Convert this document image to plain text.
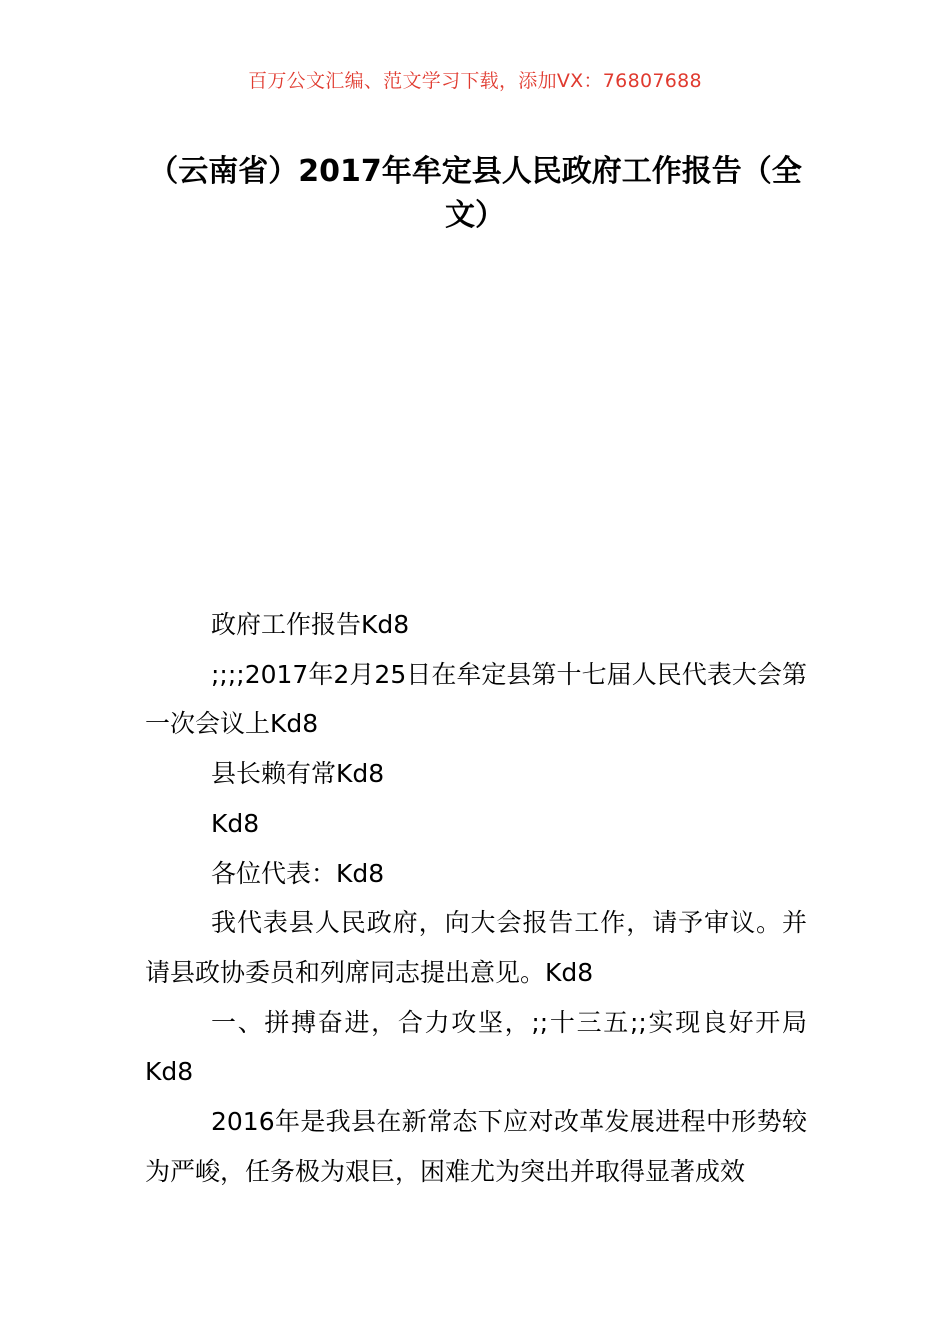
百万公文汇编、范文学习下载，添加VX：76807688
（云南省）2017年牟定县人民政府工作报告（全文）

政府工作报告Kd8

;;;;2017年2月25日在牟定县第十七届人民代表大会第一次会议上Kd8

县长赖有常Kd8

Kd8

各位代表：Kd8

我代表县人民政府，向大会报告工作，请予审议。并请县政协委员和列席同志提出意见。Kd8

一、拼搏奋进，合力攻坚，;;十三五;;实现良好开局Kd8

2016年是我县在新常态下应对改革发展进程中形势较为严峻，任务极为艰巨，困难尤为突出并取得显著成效
